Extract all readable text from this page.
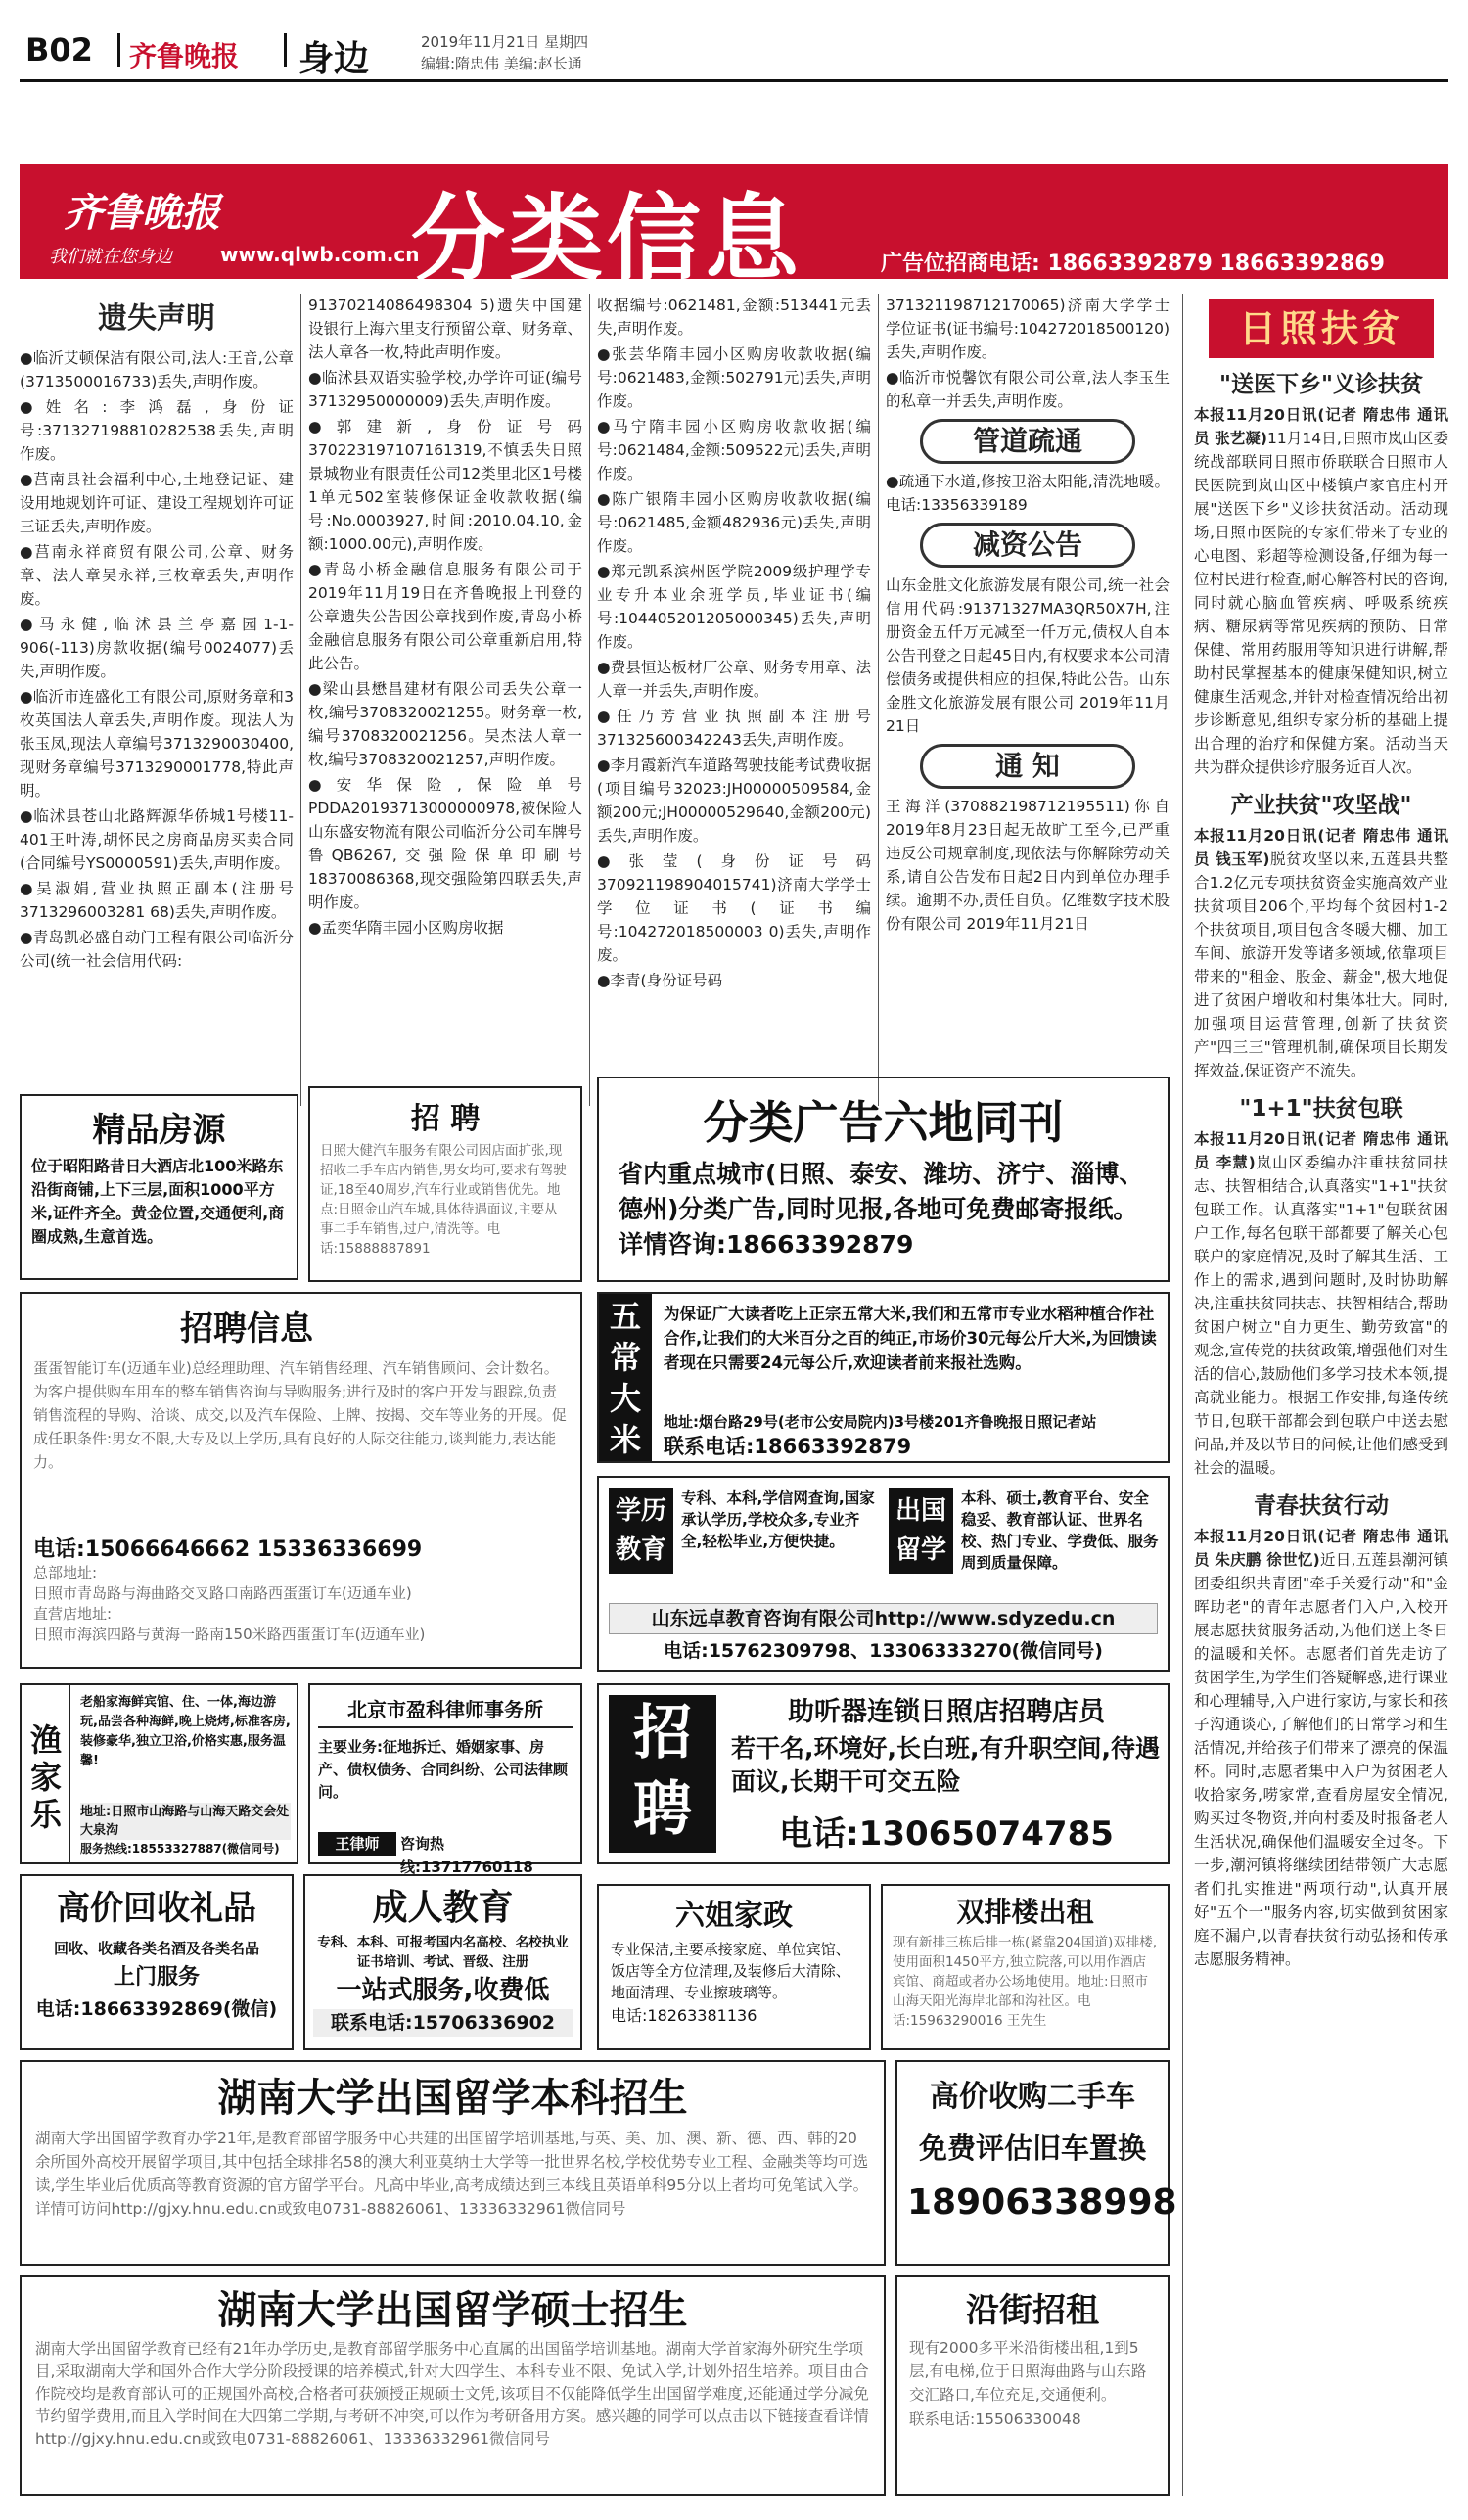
B02 齐鲁晚报 身边	2019年11月21日 星期四
编辑:隋忠伟 美编:赵长通
齐鲁晚报
我们就在您身边 www.qlwb.com.cn
分类信息	广告位招商电话: 18663392879 18663392869
遗失声明

●临沂艾顿保洁有限公司,法人:王音,公章(3713500016733)丢失,声明作废。

●姓名:李鸿磊,身份证号:371327198810282538丢失,声明作废。

●莒南县社会福利中心,土地登记证、建设用地规划许可证、建设工程规划许可证三证丢失,声明作废。

●莒南永祥商贸有限公司,公章、财务章、法人章吴永祥,三枚章丢失,声明作废。

●马永健,临沭县兰亭嘉园1-1-906(-113)房款收据(编号0024077)丢失,声明作废。

●临沂市连盛化工有限公司,原财务章和3枚英国法人章丢失,声明作废。现法人为张玉凤,现法人章编号3713290030400,现财务章编号3713290001778,特此声明。

●临沭县苍山北路辉源华侨城1号楼11-401王叶涛,胡怀民之房商品房买卖合同(合同编号YS0000591)丢失,声明作废。

●吴淑娟,营业执照正副本(注册号3713296003281 68)丢失,声明作废。

●青岛凯必盛自动门工程有限公司临沂分公司(统一社会信用代码:

91370214086498304 5)遗失中国建设银行上海六里支行预留公章、财务章、法人章各一枚,特此声明作废。

●临沭县双语实验学校,办学许可证(编号37132950000009)丢失,声明作废。

●郭建新,身份证号码370223197107161319,不慎丢失日照景城物业有限责任公司12类里北区1号楼1单元502室装修保证金收款收据(编号:No.0003927,时间:2010.04.10,金额:1000.00元),声明作废。

●青岛小桥金融信息服务有限公司于2019年11月19日在齐鲁晚报上刊登的公章遗失公告因公章找到作废,青岛小桥金融信息服务有限公司公章重新启用,特此公告。

●梁山县懋昌建材有限公司丢失公章一枚,编号3708320021255。财务章一枚,编号3708320021256。吴杰法人章一枚,编号3708320021257,声明作废。

●安华保险,保险单号PDDA20193713000000978,被保险人山东盛安物流有限公司临沂分公司车牌号鲁QB6267,交强险保单印刷号18370086368,现交强险第四联丢失,声明作废。

●孟奕华隋丰园小区购房收据

收据编号:0621481,金额:513441元丢失,声明作废。

●张芸华隋丰园小区购房收款收据(编号:0621483,金额:502791元)丢失,声明作废。

●马宁隋丰园小区购房收款收据(编号:0621484,金额:509522元)丢失,声明作废。

●陈广银隋丰园小区购房收款收据(编号:0621485,金额482936元)丢失,声明作废。

●郑元凯系滨州医学院2009级护理学专业专升本业余班学员,毕业证书(编号:104405201205000345)丢失,声明作废。

●费县恒达板材厂公章、财务专用章、法人章一并丢失,声明作废。

●任乃芳营业执照副本注册号371325600342243丢失,声明作废。

●李月霞新汽车道路驾驶技能考试费收据(项目编号32023:JH00000509584,金额200元;JH00000529640,金额200元)丢失,声明作废。

●张莹(身份证号码370921198904015741)济南大学学士学位证书(证书编号:104272018500003 0)丢失,声明作废。

●李青(身份证号码

371321198712170065)济南大学学士学位证书(证书编号:104272018500120)丢失,声明作废。

●临沂市悦馨饮有限公司公章,法人李玉生的私章一并丢失,声明作废。

管道疏通

●疏通下水道,修按卫浴太阳能,清洗地暖。电话:13356339189

减资公告

山东金胜文化旅游发展有限公司,统一社会信用代码:91371327MA3QR50X7H,注册资金五仟万元减至一仟万元,债权人自本公告刊登之日起45日内,有权要求本公司清偿债务或提供相应的担保,特此公告。山东金胜文化旅游发展有限公司 2019年11月21日

通 知

王海洋(370882198712195511)你自2019年8月23日起无故旷工至今,已严重违反公司规章制度,现依法与你解除劳动关系,请自公告发布日起2日内到单位办理手续。逾期不办,责任自负。亿维数字技术股份有限公司 2019年11月21日

精品房源
位于昭阳路昔日大酒店北100米路东沿街商铺,上下三层,面积1000平方米,证件齐全。黄金位置,交通便利,商圈成熟,生意首选。
招 聘
日照大健汽车服务有限公司因店面扩张,现招收二手车店内销售,男女均可,要求有驾驶证,18至40周岁,汽车行业或销售优先。地点:日照金山汽车城,具体待遇面议,主要从事二手车销售,过户,清洗等。电话:15888887891
分类广告六地同刊
省内重点城市(日照、泰安、潍坊、济宁、淄博、德州)分类广告,同时见报,各地可免费邮寄报纸。详情咨询:18663392879
招聘信息
蛋蛋智能订车(迈通车业)总经理助理、汽车销售经理、汽车销售顾问、会计数名。为客户提供购车用车的整车销售咨询与导购服务;进行及时的客户开发与跟踪,负责销售流程的导购、洽谈、成交,以及汽车保险、上牌、按揭、交车等业务的开展。促成任职条件:男女不限,大专及以上学历,具有良好的人际交往能力,谈判能力,表达能力。
电话:15066646662 15336336699
总部地址:
日照市青岛路与海曲路交叉路口南路西蛋蛋订车(迈通车业)
直营店地址:
日照市海滨四路与黄海一路南150米路西蛋蛋订车(迈通车业)
五
常
大
米
为保证广大读者吃上正宗五常大米,我们和五常市专业水稻种植合作社合作,让我们的大米百分之百的纯正,市场价30元每公斤大米,为回馈读者现在只需要24元每公斤,欢迎读者前来报社选购。
地址:烟台路29号(老市公安局院内)3号楼201齐鲁晚报日照记者站
联系电话:18663392879
学历教育
专科、本科,学信网查询,国家承认学历,学校众多,专业齐全,轻松毕业,方便快捷。
出国留学
本科、硕士,教育平台、安全稳妥、教育部认证、世界名校、热门专业、学费低、服务周到质量保障。
山东远卓教育咨询有限公司http://www.sdyzedu.cn
电话:15762309798、13306333270(微信同号)
渔家乐
老船家海鲜宾馆、住、一体,海边游玩,品尝各种海鲜,晚上烧烤,标准客房,装修豪华,独立卫浴,价格实惠,服务温馨!
地址:日照市山海路与山海天路交会处大泉沟
服务热线:18553327887(微信同号)
北京市盈科律师事务所
主要业务:征地拆迁、婚姻家事、房产、债权债务、合同纠纷、公司法律顾问。
王律师	咨询热线:13717760118
招聘
助听器连锁日照店招聘店员
若干名,环境好,长白班,有升职空间,待遇面议,长期干可交五险
电话:13065074785
高价回收礼品
回收、收藏各类名酒及各类名品
上门服务
电话:18663392869(微信)
成人教育
专科、本科、可报考国内名高校、名校执业证书培训、考试、晋级、注册
一站式服务,收费低
联系电话:15706336902
六姐家政
专业保洁,主要承接家庭、单位宾馆、饭店等全方位清理,及装修后大清除、地面清理、专业擦玻璃等。
电话:18263381136
双排楼出租
现有新排三栋后排一栋(紧靠204国道)双排楼,使用面积1450平方,独立院落,可以用作酒店宾馆、商超或者办公场地使用。地址:日照市山海天阳光海岸北部和沟社区。电话:15963290016 王先生
湖南大学出国留学本科招生
湖南大学出国留学教育办学21年,是教育部留学服务中心共建的出国留学培训基地,与英、美、加、澳、新、德、西、韩的20余所国外高校开展留学项目,其中包括全球排名58的澳大利亚莫纳士大学等一批世界名校,学校优势专业工程、金融类等均可选读,学生毕业后优质高等教育资源的官方留学平台。凡高中毕业,高考成绩达到三本线且英语单科95分以上者均可免笔试入学。详情可访问http://gjxy.hnu.edu.cn或致电0731-88826061、13336332961微信同号
高价收购二手车
免费评估旧车置换
18906338998
湖南大学出国留学硕士招生
湖南大学出国留学教育已经有21年办学历史,是教育部留学服务中心直属的出国留学培训基地。湖南大学首家海外研究生学项目,采取湖南大学和国外合作大学分阶段授课的培养模式,针对大四学生、本科专业不限、免试入学,计划外招生培养。项目由合作院校均是教育部认可的正规国外高校,合格者可获颁授正规硕士文凭,该项目不仅能降低学生出国留学难度,还能通过学分减免节约留学费用,而且入学时间在大四第二学期,与考研不冲突,可以作为考研备用方案。感兴趣的同学可以点击以下链接查看详情http://gjxy.hnu.edu.cn或致电0731-88826061、13336332961微信同号
沿街招租
现有2000多平米沿街楼出租,1到5层,有电梯,位于日照海曲路与山东路交汇路口,车位充足,交通便利。
联系电话:15506330048
日照扶贫
"送医下乡"义诊扶贫
本报11月20日讯(记者 隋忠伟 通讯员 张艺凝)11月14日,日照市岚山区委统战部联同日照市侨联联合日照市人民医院到岚山区中楼镇卢家官庄村开展"送医下乡"义诊扶贫活动。活动现场,日照市医院的专家们带来了专业的心电图、彩超等检测设备,仔细为每一位村民进行检查,耐心解答村民的咨询,同时就心脑血管疾病、呼吸系统疾病、糖尿病等常见疾病的预防、日常保健、常用药服用等知识进行讲解,帮助村民掌握基本的健康保健知识,树立健康生活观念,并针对检查情况给出初步诊断意见,组织专家分析的基础上提出合理的治疗和保健方案。活动当天共为群众提供诊疗服务近百人次。
产业扶贫"攻坚战"
本报11月20日讯(记者 隋忠伟 通讯员 钱玉军)脱贫攻坚以来,五莲县共整合1.2亿元专项扶贫资金实施高效产业扶贫项目206个,平均每个贫困村1-2个扶贫项目,项目包含冬暖大棚、加工车间、旅游开发等诸多领域,依靠项目带来的"租金、股金、薪金",极大地促进了贫困户增收和村集体壮大。同时,加强项目运营管理,创新了扶贫资产"四三三"管理机制,确保项目长期发挥效益,保证资产不流失。
"1+1"扶贫包联
本报11月20日讯(记者 隋忠伟 通讯员 李慧)岚山区委编办注重扶贫同扶志、扶智相结合,认真落实"1+1"扶贫包联工作。认真落实"1+1"包联贫困户工作,每名包联干部都要了解关心包联户的家庭情况,及时了解其生活、工作上的需求,遇到问题时,及时协助解决,注重扶贫同扶志、扶智相结合,帮助贫困户树立"自力更生、勤劳致富"的观念,宣传党的扶贫政策,增强他们对生活的信心,鼓励他们多学习技术本领,提高就业能力。根据工作安排,每逢传统节日,包联干部都会到包联户中送去慰问品,并及以节日的问候,让他们感受到社会的温暖。
青春扶贫行动
本报11月20日讯(记者 隋忠伟 通讯员 朱庆鹏 徐世忆)近日,五莲县潮河镇团委组织共青团"牵手关爱行动"和"金晖助老"的青年志愿者们入户,入校开展志愿扶贫服务活动,为他们送上冬日的温暖和关怀。志愿者们首先走访了贫困学生,为学生们答疑解惑,进行课业和心理辅导,入户进行家访,与家长和孩子沟通谈心,了解他们的日常学习和生活情况,并给孩子们带来了漂亮的保温杯。同时,志愿者集中入户为贫困老人收拾家务,唠家常,查看房屋安全情况,购买过冬物资,并向村委及时报备老人生活状况,确保他们温暖安全过冬。下一步,潮河镇将继续团结带领广大志愿者们扎实推进"两项行动",认真开展好"五个一"服务内容,切实做到贫困家庭不漏户,以青春扶贫行动弘扬和传承志愿服务精神。
